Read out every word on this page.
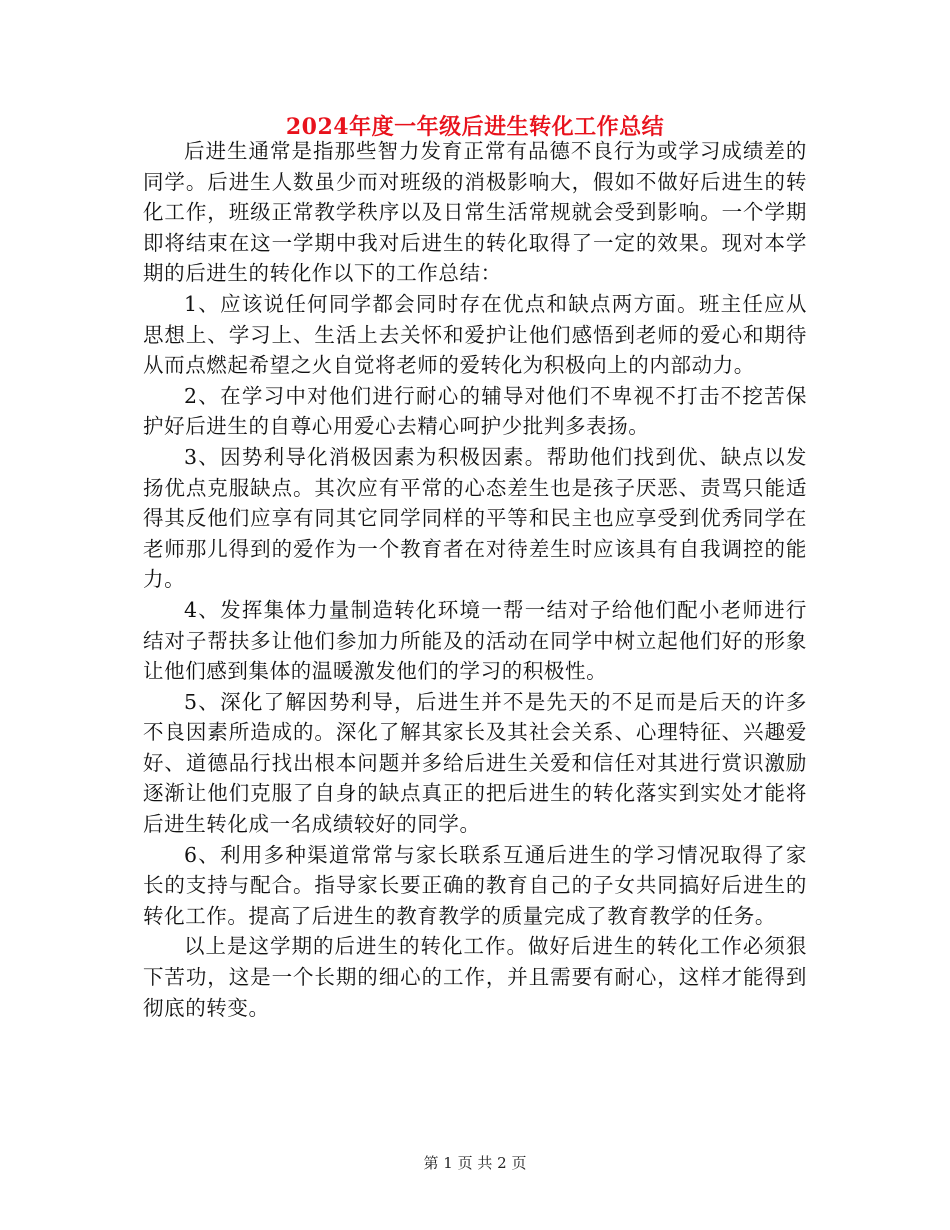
2024年度一年级后进生转化工作总结

后进生通常是指那些智力发育正常有品德不良行为或学习成绩差的同学。后进生人数虽少而对班级的消极影响大，假如不做好后进生的转化工作，班级正常教学秩序以及日常生活常规就会受到影响。一个学期即将结束在这一学期中我对后进生的转化取得了一定的效果。现对本学期的后进生的转化作以下的工作总结：

1、应该说任何同学都会同时存在优点和缺点两方面。班主任应从思想上、学习上、生活上去关怀和爱护让他们感悟到老师的爱心和期待从而点燃起希望之火自觉将老师的爱转化为积极向上的内部动力。

2、在学习中对他们进行耐心的辅导对他们不卑视不打击不挖苦保护好后进生的自尊心用爱心去精心呵护少批判多表扬。

3、因势利导化消极因素为积极因素。帮助他们找到优、缺点以发扬优点克服缺点。其次应有平常的心态差生也是孩子厌恶、责骂只能适得其反他们应享有同其它同学同样的平等和民主也应享受到优秀同学在老师那儿得到的爱作为一个教育者在对待差生时应该具有自我调控的能力。

4、发挥集体力量制造转化环境一帮一结对子给他们配小老师进行结对子帮扶多让他们参加力所能及的活动在同学中树立起他们好的形象让他们感到集体的温暖激发他们的学习的积极性。

5、深化了解因势利导，后进生并不是先天的不足而是后天的许多不良因素所造成的。深化了解其家长及其社会关系、心理特征、兴趣爱好、道德品行找出根本问题并多给后进生关爱和信任对其进行赏识激励逐渐让他们克服了自身的缺点真正的把后进生的转化落实到实处才能将后进生转化成一名成绩较好的同学。

6、利用多种渠道常常与家长联系互通后进生的学习情况取得了家长的支持与配合。指导家长要正确的教育自己的子女共同搞好后进生的转化工作。提高了后进生的教育教学的质量完成了教育教学的任务。

以上是这学期的后进生的转化工作。做好后进生的转化工作必须狠下苦功，这是一个长期的细心的工作，并且需要有耐心，这样才能得到彻底的转变。

第 1 页 共 2 页
